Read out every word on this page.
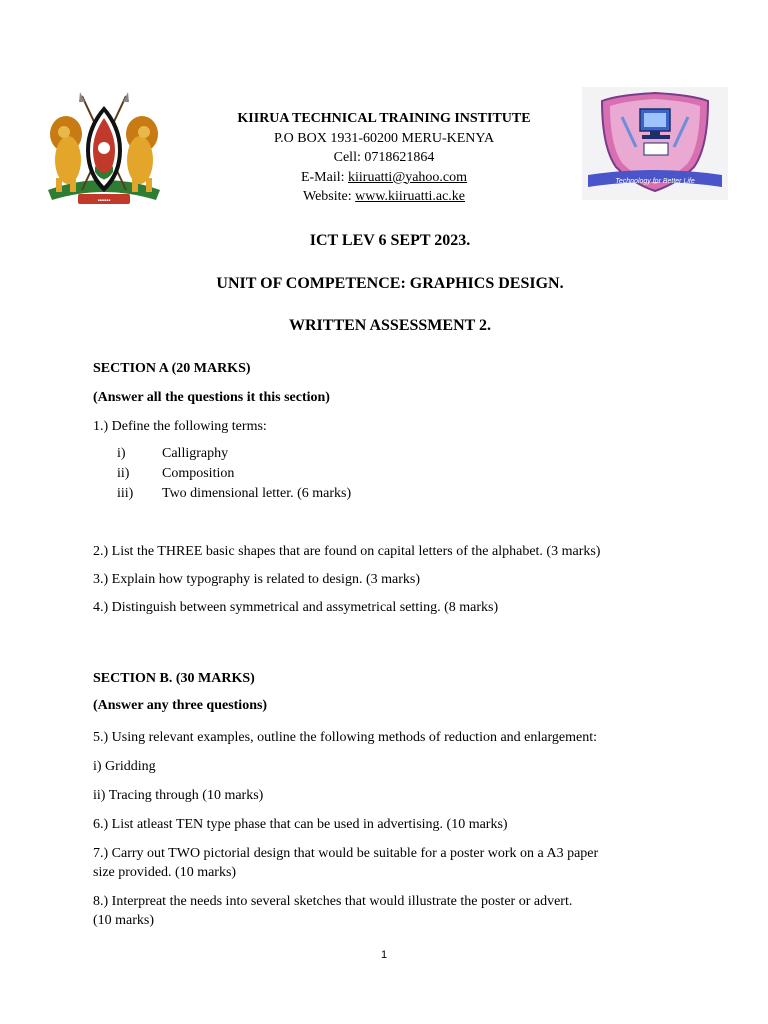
▪▪▪▪▪▪
KIIRUA TECHNICAL TRAINING INSTITUTE
P.O BOX 1931-60200 MERU-KENYA
Cell: 0718621864
E-Mail: kiiruatti@yahoo.com
Website: www.kiiruatti.ac.ke
Technology for Better Life
ICT LEV 6 SEPT 2023.
UNIT OF COMPETENCE: GRAPHICS DESIGN.
WRITTEN ASSESSMENT 2.
SECTION A (20 MARKS)
(Answer all the questions it this section)
1.) Define the following terms:
i)	Calligraphy
ii) Composition
iii) Two dimensional letter. (6 marks)
2.) List the THREE basic shapes that are found on capital letters of the alphabet. (3 marks)
3.) Explain how typography is related to design. (3 marks)
4.) Distinguish between symmetrical and assymetrical setting. (8 marks)
SECTION B. (30 MARKS)
(Answer any three questions)
5.) Using relevant examples, outline the following methods of reduction and enlargement:
i) Gridding
ii) Tracing through (10 marks)
6.) List atleast TEN type phase that can be used in advertising. (10 marks)
7.) Carry out TWO pictorial design that would be suitable for a poster work on a A3 paper
size provided. (10 marks)
8.) Interpreat the needs into several sketches that would illustrate the poster or advert.
(10 marks)
1
